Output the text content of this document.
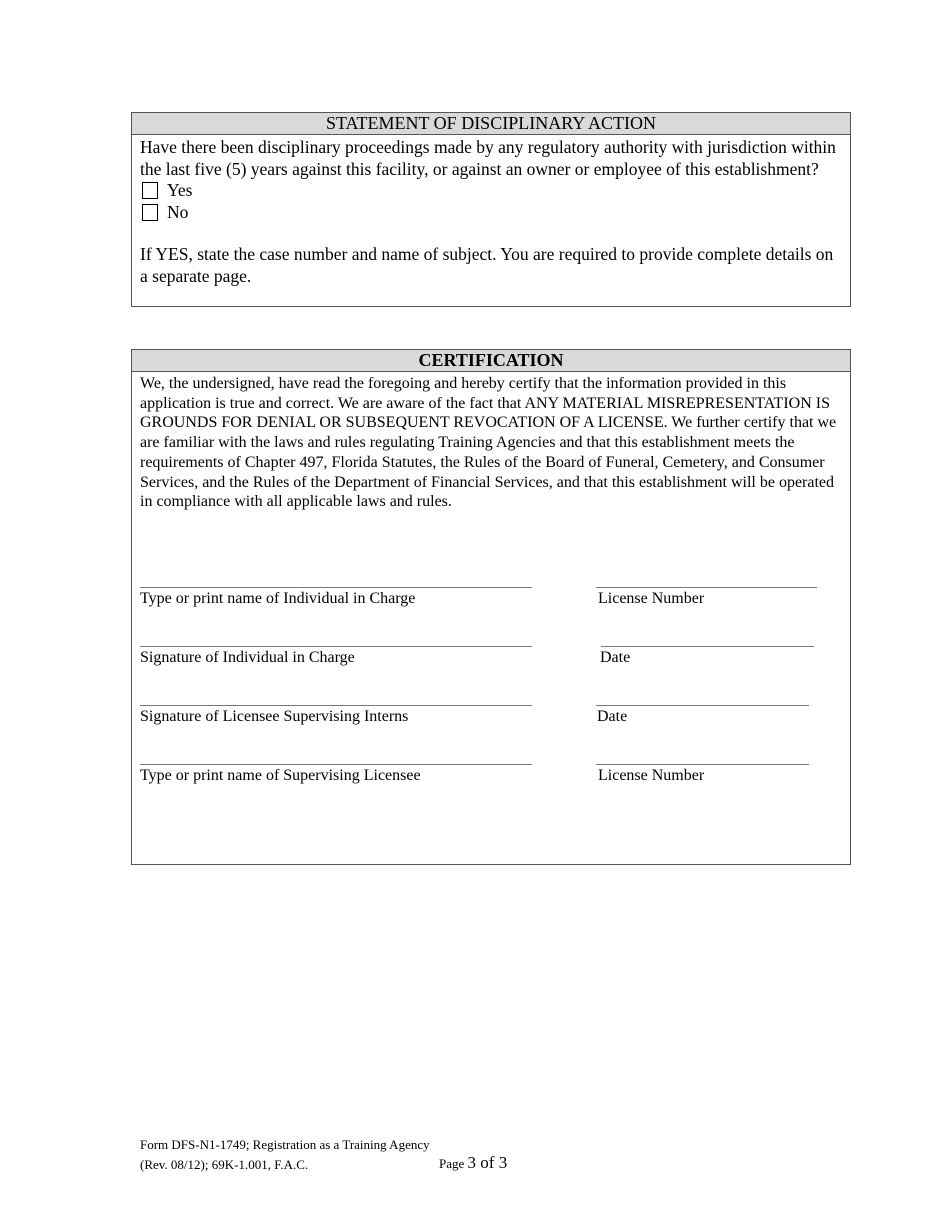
STATEMENT OF DISCIPLINARY ACTION
Have there been disciplinary proceedings made by any regulatory authority with jurisdiction within the last five (5) years against this facility, or against an owner or employee of this establishment?
Yes
No
If YES, state the case number and name of subject. You are required to provide complete details on a separate page.
CERTIFICATION
We, the undersigned, have read the foregoing and hereby certify that the information provided in this application is true and correct. We are aware of the fact that ANY MATERIAL MISREPRESENTATION IS GROUNDS FOR DENIAL OR SUBSEQUENT REVOCATION OF A LICENSE. We further certify that we are familiar with the laws and rules regulating Training Agencies and that this establishment meets the requirements of Chapter 497, Florida Statutes, the Rules of the Board of Funeral, Cemetery, and Consumer Services, and the Rules of the Department of Financial Services, and that this establishment will be operated in compliance with all applicable laws and rules.
Type or print name of Individual in Charge	License Number
Signature of Individual in Charge	Date
Signature of Licensee Supervising Interns	Date
Type or print name of Supervising Licensee	License Number
Form DFS-N1-1749; Registration as a Training Agency
(Rev. 08/12); 69K-1.001, F.A.C.	Page 3 of 3
